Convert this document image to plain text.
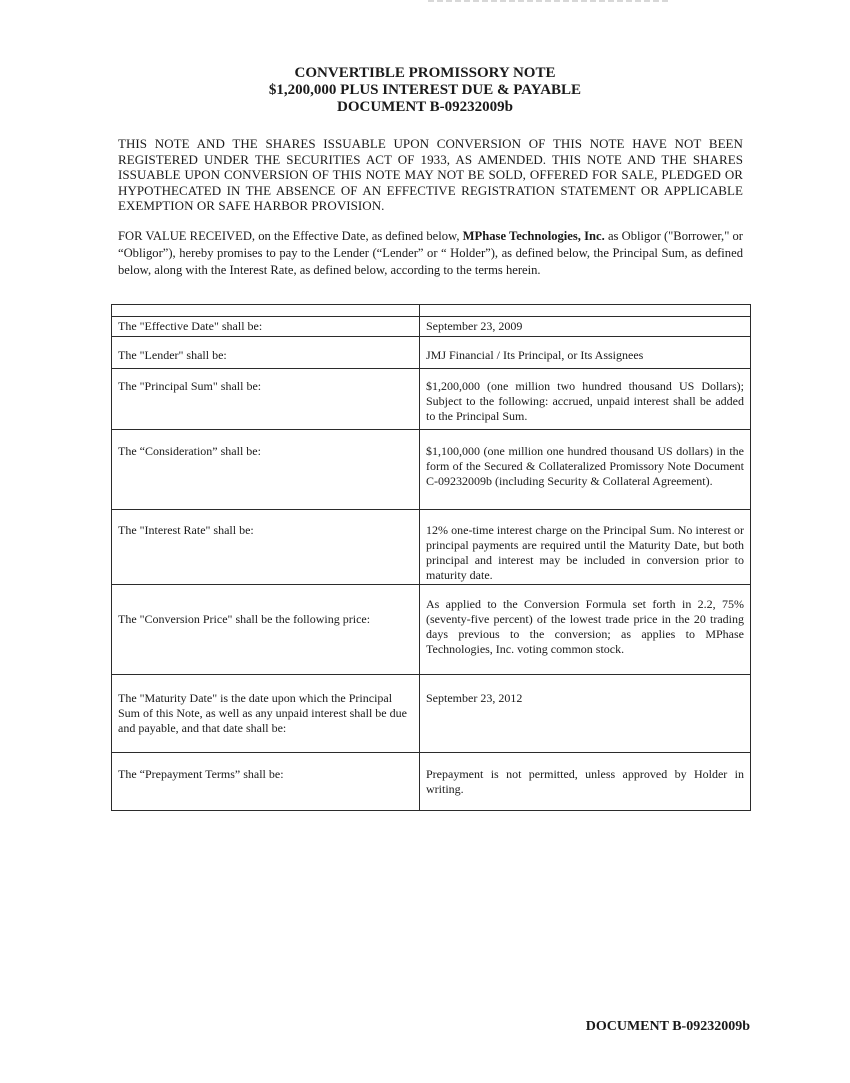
CONVERTIBLE PROMISSORY NOTE
$1,200,000 PLUS INTEREST DUE & PAYABLE
DOCUMENT B-09232009b
THIS NOTE AND THE SHARES ISSUABLE UPON CONVERSION OF THIS NOTE HAVE NOT BEEN REGISTERED UNDER THE SECURITIES ACT OF 1933, AS AMENDED. THIS NOTE AND THE SHARES ISSUABLE UPON CONVERSION OF THIS NOTE MAY NOT BE SOLD, OFFERED FOR SALE, PLEDGED OR HYPOTHECATED IN THE ABSENCE OF AN EFFECTIVE REGISTRATION STATEMENT OR APPLICABLE EXEMPTION OR SAFE HARBOR PROVISION.
FOR VALUE RECEIVED, on the Effective Date, as defined below, MPhase Technologies, Inc. as Obligor ("Borrower," or “Obligor”), hereby promises to pay to the Lender (“Lender” or “ Holder”), as defined below, the Principal Sum, as defined below, along with the Interest Rate, as defined below, according to the terms herein.

The "Effective Date" shall be:	September 23, 2009
The "Lender" shall be:	JMJ Financial / Its Principal, or Its Assignees
The "Principal Sum" shall be:	$1,200,000 (one million two hundred thousand US Dollars); Subject to the following: accrued, unpaid interest shall be added to the Principal Sum.
The “Consideration” shall be:	$1,100,000 (one million one hundred thousand US dollars) in the form of the Secured & Collateralized Promissory Note Document C-09232009b (including Security & Collateral Agreement).
The "Interest Rate" shall be:	12% one-time interest charge on the Principal Sum. No interest or principal payments are required until the Maturity Date, but both principal and interest may be included in conversion prior to maturity date.
The "Conversion Price" shall be the following price:	As applied to the Conversion Formula set forth in 2.2, 75% (seventy-five percent) of the lowest trade price in the 20 trading days previous to the conversion; as applies to MPhase Technologies, Inc. voting common stock.
The "Maturity Date" is the date upon which the Principal Sum of this Note, as well as any unpaid interest shall be due and payable, and that date shall be:	September 23, 2012
The “Prepayment Terms” shall be:	Prepayment is not permitted, unless approved by Holder in writing.
DOCUMENT B-09232009b
